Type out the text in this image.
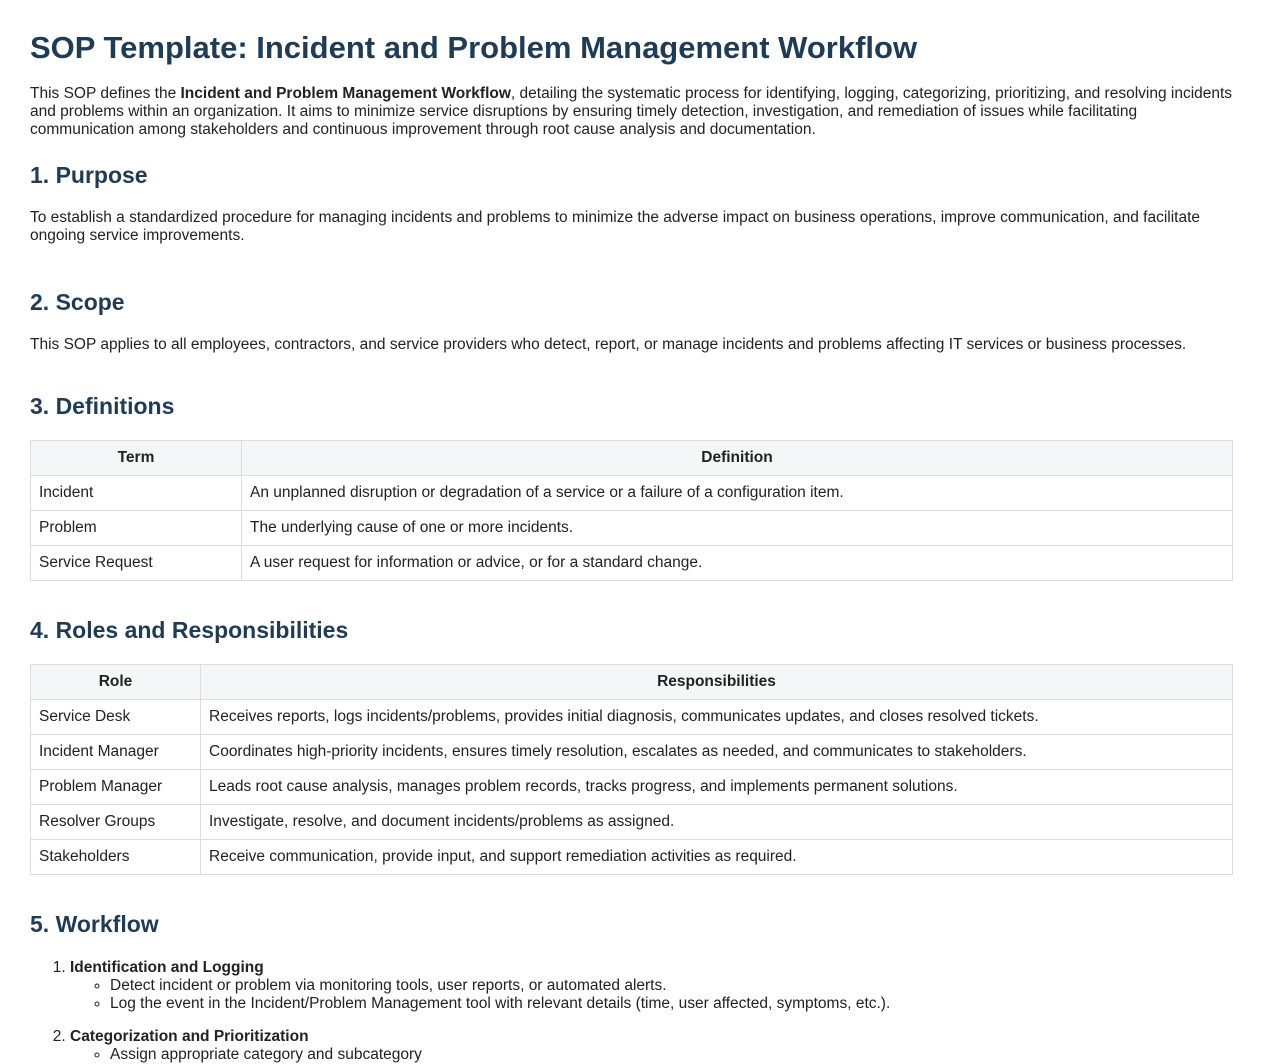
SOP Template: Incident and Problem Management Workflow

This SOP defines the Incident and Problem Management Workflow, detailing the systematic process for identifying, logging, categorizing, prioritizing, and resolving incidents and problems within an organization. It aims to minimize service disruptions by ensuring timely detection, investigation, and remediation of issues while facilitating communication among stakeholders and continuous improvement through root cause analysis and documentation.

1. Purpose

To establish a standardized procedure for managing incidents and problems to minimize the adverse impact on business operations, improve communication, and facilitate ongoing service improvements.

2. Scope

This SOP applies to all employees, contractors, and service providers who detect, report, or manage incidents and problems affecting IT services or business processes.

3. Definitions
Term	Definition
Incident	An unplanned disruption or degradation of a service or a failure of a configuration item.
Problem	The underlying cause of one or more incidents.
Service Request	A user request for information or advice, or for a standard change.
4. Roles and Responsibilities
Role	Responsibilities
Service Desk	Receives reports, logs incidents/problems, provides initial diagnosis, communicates updates, and closes resolved tickets.
Incident Manager	Coordinates high-priority incidents, ensures timely resolution, escalates as needed, and communicates to stakeholders.
Problem Manager	Leads root cause analysis, manages problem records, tracks progress, and implements permanent solutions.
Resolver Groups	Investigate, resolve, and document incidents/problems as assigned.
Stakeholders	Receive communication, provide input, and support remediation activities as required.
5. Workflow
1. Identification and Logging
◦ Detect incident or problem via monitoring tools, user reports, or automated alerts.
◦ Log the event in the Incident/Problem Management tool with relevant details (time, user affected, symptoms, etc.).
2. Categorization and Prioritization
◦ Assign appropriate category and subcategory
